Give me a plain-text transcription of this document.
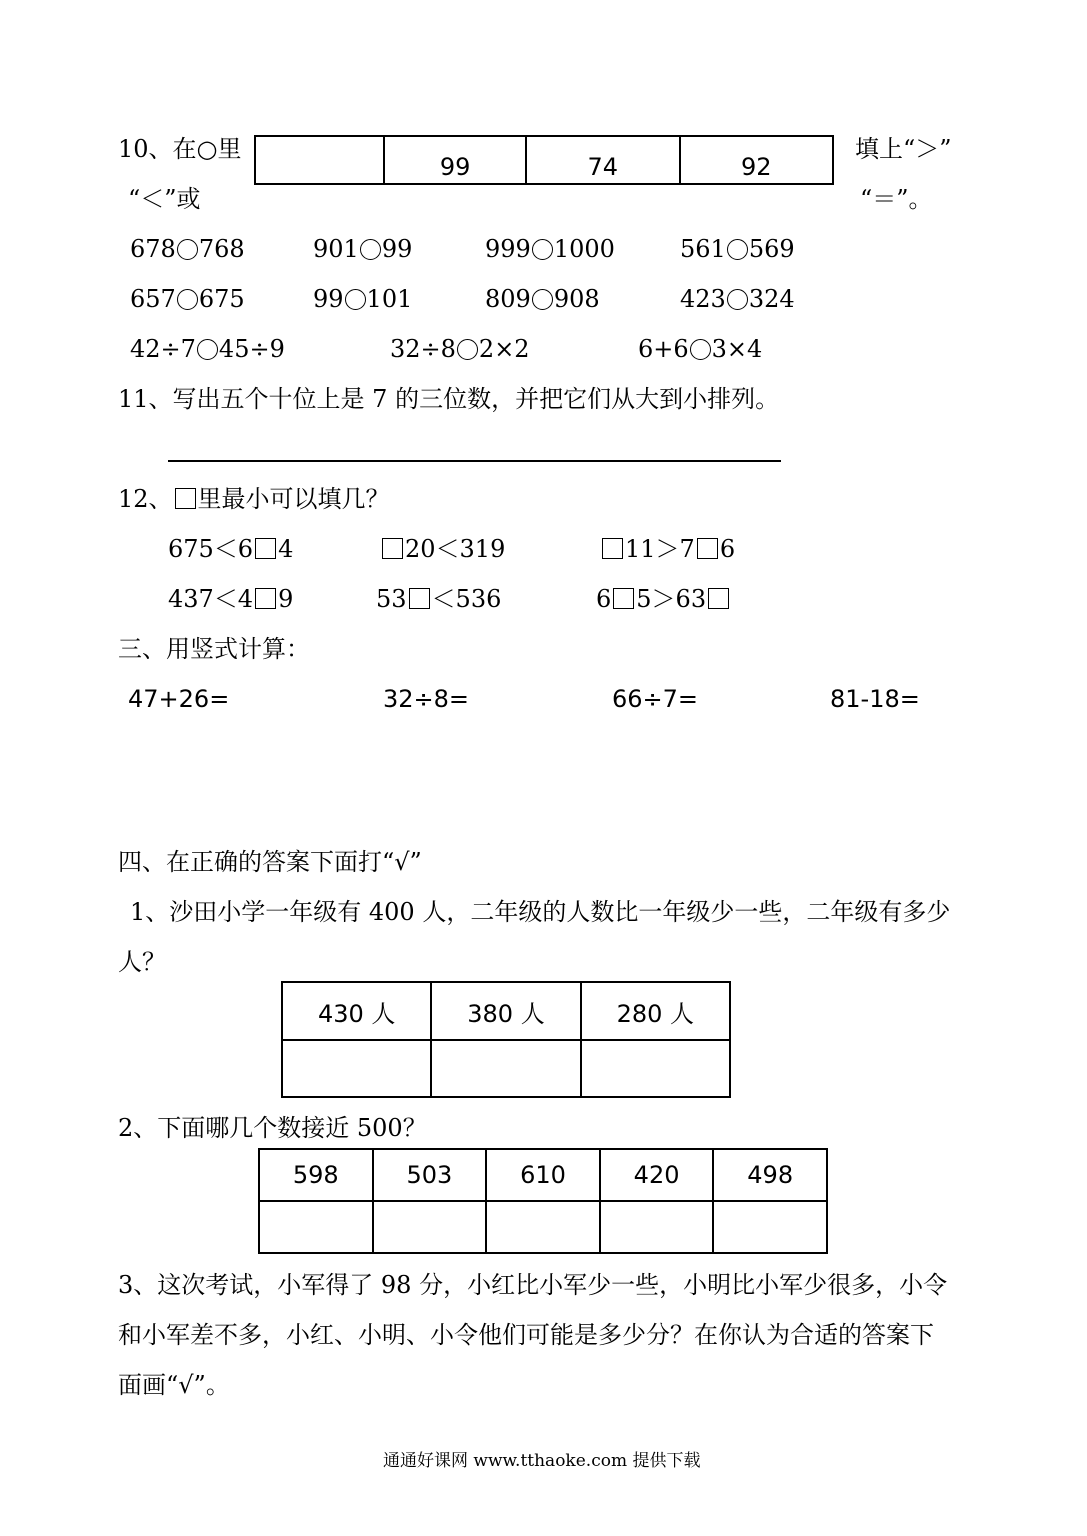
10、在○里
“＜”或
填上“＞”
“＝”。
	99	74	92
678 768	901 99	999 1000	561 569
657 675	99 101	809 908	423 324
42÷7 45÷9	32÷8 2×2	6+6 3×4
11、写出五个十位上是 7 的三位数，并把它们从大到小排列。
12、 里最小可以填几？
675＜6 4	20＜319	11＞7 6
437＜4 9	53 ＜536	6 5＞63
三、用竖式计算：
47+26=	32÷8=	66÷7=	81-18=
四、在正确的答案下面打“√”
1、沙田小学一年级有 400 人，二年级的人数比一年级少一些，二年级有多少
人？
430 人	380 人	280 人

2、下面哪几个数接近 500？
598	503	610	420	498

3、这次考试，小军得了 98 分，小红比小军少一些，小明比小军少很多，小令
和小军差不多，小红、小明、小令他们可能是多少分？在你认为合适的答案下
面画“√”。
通通好课网 www.tthaoke.com 提供下载
